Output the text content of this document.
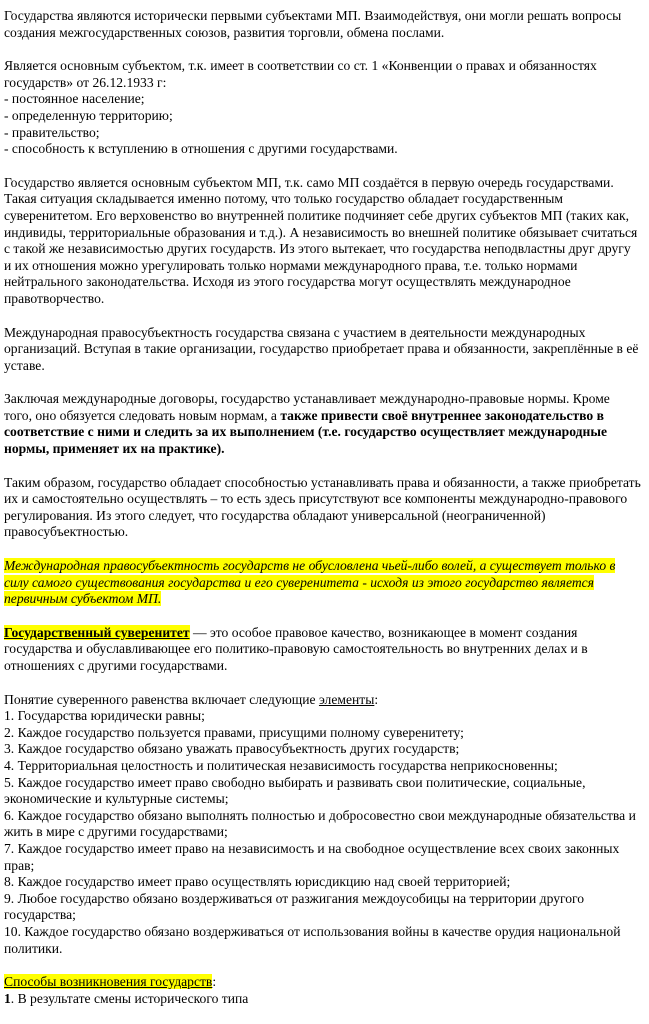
Государства являются исторически первыми субъектами МП. Взаимодействуя, они могли решать вопросы создания межгосударственных союзов, развития торговли, обмена послами.

Является основным субъектом, т.к. имеет в соответствии со ст. 1 «Конвенции о правах и обязанностях государств» от 26.12.1933 г:

- постоянное население;
- определенную территорию;
- правительство;
- способность к вступлению в отношения с другими государствами.

Государство является основным субъектом МП, т.к. само МП создаётся в первую очередь государствами. Такая ситуация складывается именно потому, что только государство обладает государственным суверенитетом. Его верховенство во внутренней политике подчиняет себе других субъектов МП (таких как, индивиды, территориальные образования и т.д.). А независимость во внешней политике обязывает считаться с такой же независимостью других государств. Из этого вытекает, что государства неподвластны друг другу и их отношения можно урегулировать только нормами международного права, т.е. только нормами нейтрального законодательства. Исходя из этого государства могут осуществлять международное правотворчество.

Международная правосубъектность государства связана с участием в деятельности международных организаций. Вступая в такие организации, государство приобретает права и обязанности, закреплённые в её уставе.

Заключая международные договоры, государство устанавливает международно-правовые нормы. Кроме того, оно обязуется следовать новым нормам, а также привести своё внутреннее законодательство в соответствие с ними и следить за их выполнением (т.е. государство осуществляет международные нормы, применяет их на практике).

Таким образом, государство обладает способностью устанавливать права и обязанности, а также приобретать их и самостоятельно осуществлять – то есть здесь присутствуют все компоненты международно-правового регулирования. Из этого следует, что государства обладают универсальной (неограниченной) правосубъектностью.

Международная правосубъектность государств не обусловлена чьей-либо волей, а существует только в силу самого существования государства и его суверенитета - исходя из этого государство является первичным субъектом МП.

Государственный суверенитет — это особое правовое качество, возникающее в момент создания государства и обуславливающее его политико-правовую самостоятельность во внутренних делах и в отношениях с другими государствами.

Понятие суверенного равенства включает следующие элементы:

1. Государства юридически равны;
2. Каждое государство пользуется правами, присущими полному суверенитету;
3. Каждое государство обязано уважать правосубъектность других государств;
4. Территориальная целостность и политическая независимость государства неприкосновенны;
5. Каждое государство имеет право свободно выбирать и развивать свои политические, социальные, экономические и культурные системы;
6. Каждое государство обязано выполнять полностью и добросовестно свои международные обязательства и жить в мире с другими государствами;
7. Каждое государство имеет право на независимость и на свободное осуществление всех своих законных прав;
8. Каждое государство имеет право осуществлять юрисдикцию над своей территорией;
9. Любое государство обязано воздерживаться от разжигания междоусобицы на территории другого государства;
10. Каждое государство обязано воздерживаться от использования войны в качестве орудия национальной политики.

Способы возникновения государств:

1. В результате смены исторического типа
